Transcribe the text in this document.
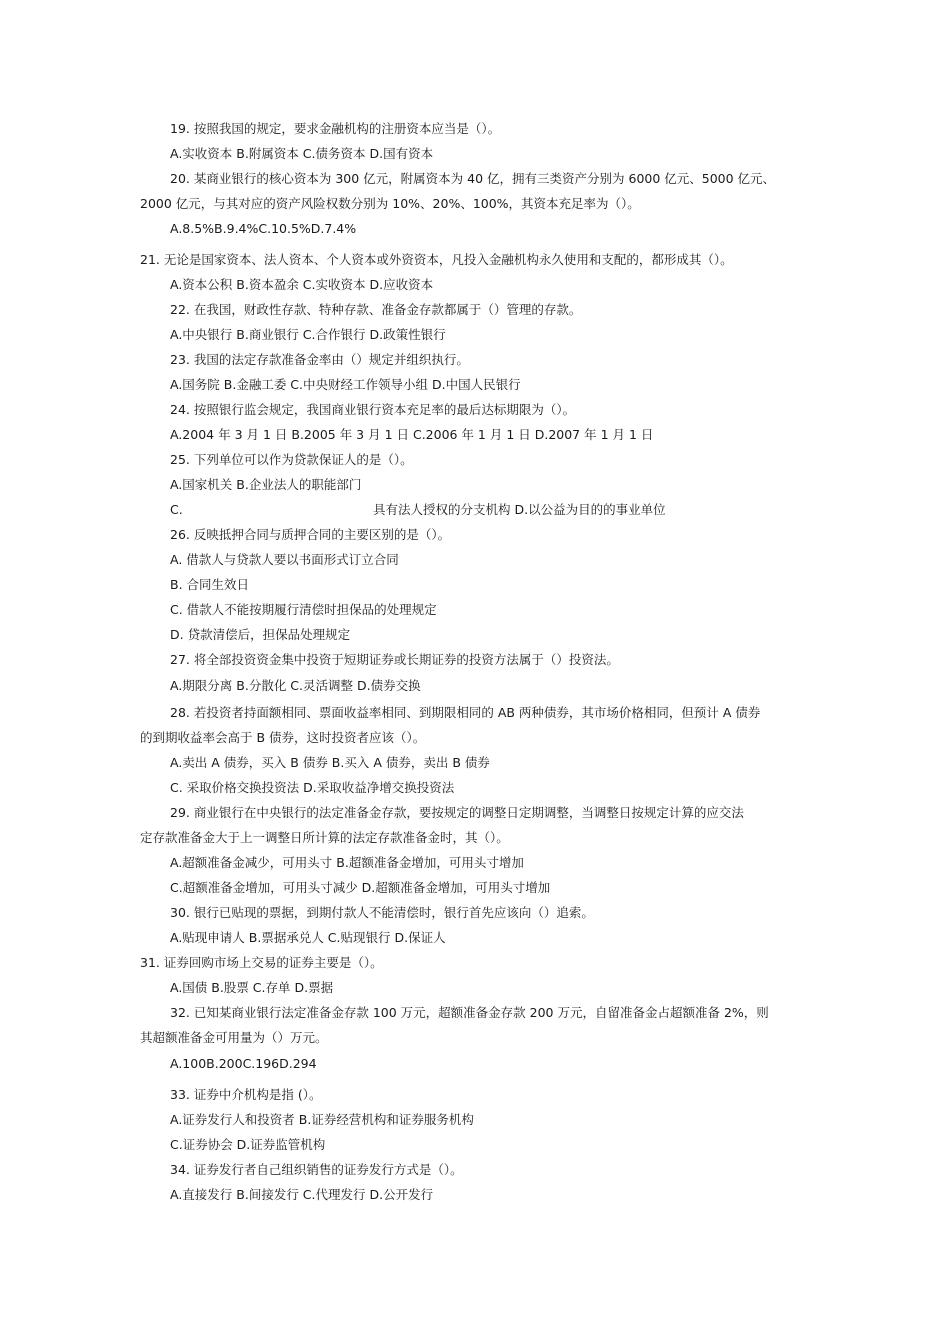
19. 按照我国的规定，要求金融机构的注册资本应当是（）。
A.实收资本 B.附属资本 C.债务资本 D.国有资本
20. 某商业银行的核心资本为 300 亿元，附属资本为 40 亿，拥有三类资产分别为 6000 亿元、5000 亿元、
2000 亿元，与其对应的资产风险权数分别为 10%、20%、100%，其资本充足率为（）。
A.8.5%B.9.4%C.10.5%D.7.4%
21. 无论是国家资本、法人资本、个人资本或外资资本，凡投入金融机构永久使用和支配的，都形成其（）。
A.资本公积 B.资本盈余 C.实收资本 D.应收资本
22. 在我国，财政性存款、特种存款、准备金存款都属于（）管理的存款。
A.中央银行 B.商业银行 C.合作银行 D.政策性银行
23. 我国的法定存款准备金率由（）规定并组织执行。
A.国务院 B.金融工委 C.中央财经工作领导小组 D.中国人民银行
24. 按照银行监会规定，我国商业银行资本充足率的最后达标期限为（）。
A.2004 年 3 月 1 日 B.2005 年 3 月 1 日 C.2006 年 1 月 1 日 D.2007 年 1 月 1 日
25. 下列单位可以作为贷款保证人的是（）。
A.国家机关 B.企业法人的职能部门
C.	具有法人授权的分支机构 D.以公益为目的的事业单位
26. 反映抵押合同与质押合同的主要区别的是（）。
A. 借款人与贷款人要以书面形式订立合同
B. 合同生效日
C. 借款人不能按期履行清偿时担保品的处理规定
D. 贷款清偿后，担保品处理规定
27. 将全部投资资金集中投资于短期证券或长期证券的投资方法属于（）投资法。
A.期限分离 B.分散化 C.灵活调整 D.债券交换
28. 若投资者持面额相同、票面收益率相同、到期限相同的 AB 两种债券，其市场价格相同，但预计 A 债券
的到期收益率会高于 B 债券，这时投资者应该（）。
A.卖出 A 债券，买入 B 债券 B.买入 A 债券，卖出 B 债券
C. 采取价格交换投资法 D.采取收益净增交换投资法
29. 商业银行在中央银行的法定准备金存款，要按规定的调整日定期调整，当调整日按规定计算的应交法
定存款准备金大于上一调整日所计算的法定存款准备金时，其（）。
A.超额准备金减少，可用头寸 B.超额准备金增加，可用头寸增加
C.超额准备金增加，可用头寸减少 D.超额准备金增加，可用头寸增加
30. 银行已贴现的票据，到期付款人不能清偿时，银行首先应该向（）追索。
A.贴现申请人 B.票据承兑人 C.贴现银行 D.保证人
31. 证券回购市场上交易的证券主要是（）。
A.国债 B.股票 C.存单 D.票据
32. 已知某商业银行法定准备金存款 100 万元，超额准备金存款 200 万元，自留准备金占超额准备 2%，则
其超额准备金可用量为（）万元。
A.100B.200C.196D.294
33. 证券中介机构是指 (）。
A.证券发行人和投资者 B.证券经营机构和证券服务机构
C.证券协会 D.证券监管机构
34. 证券发行者自己组织销售的证券发行方式是（）。
A.直接发行 B.间接发行 C.代理发行 D.公开发行
